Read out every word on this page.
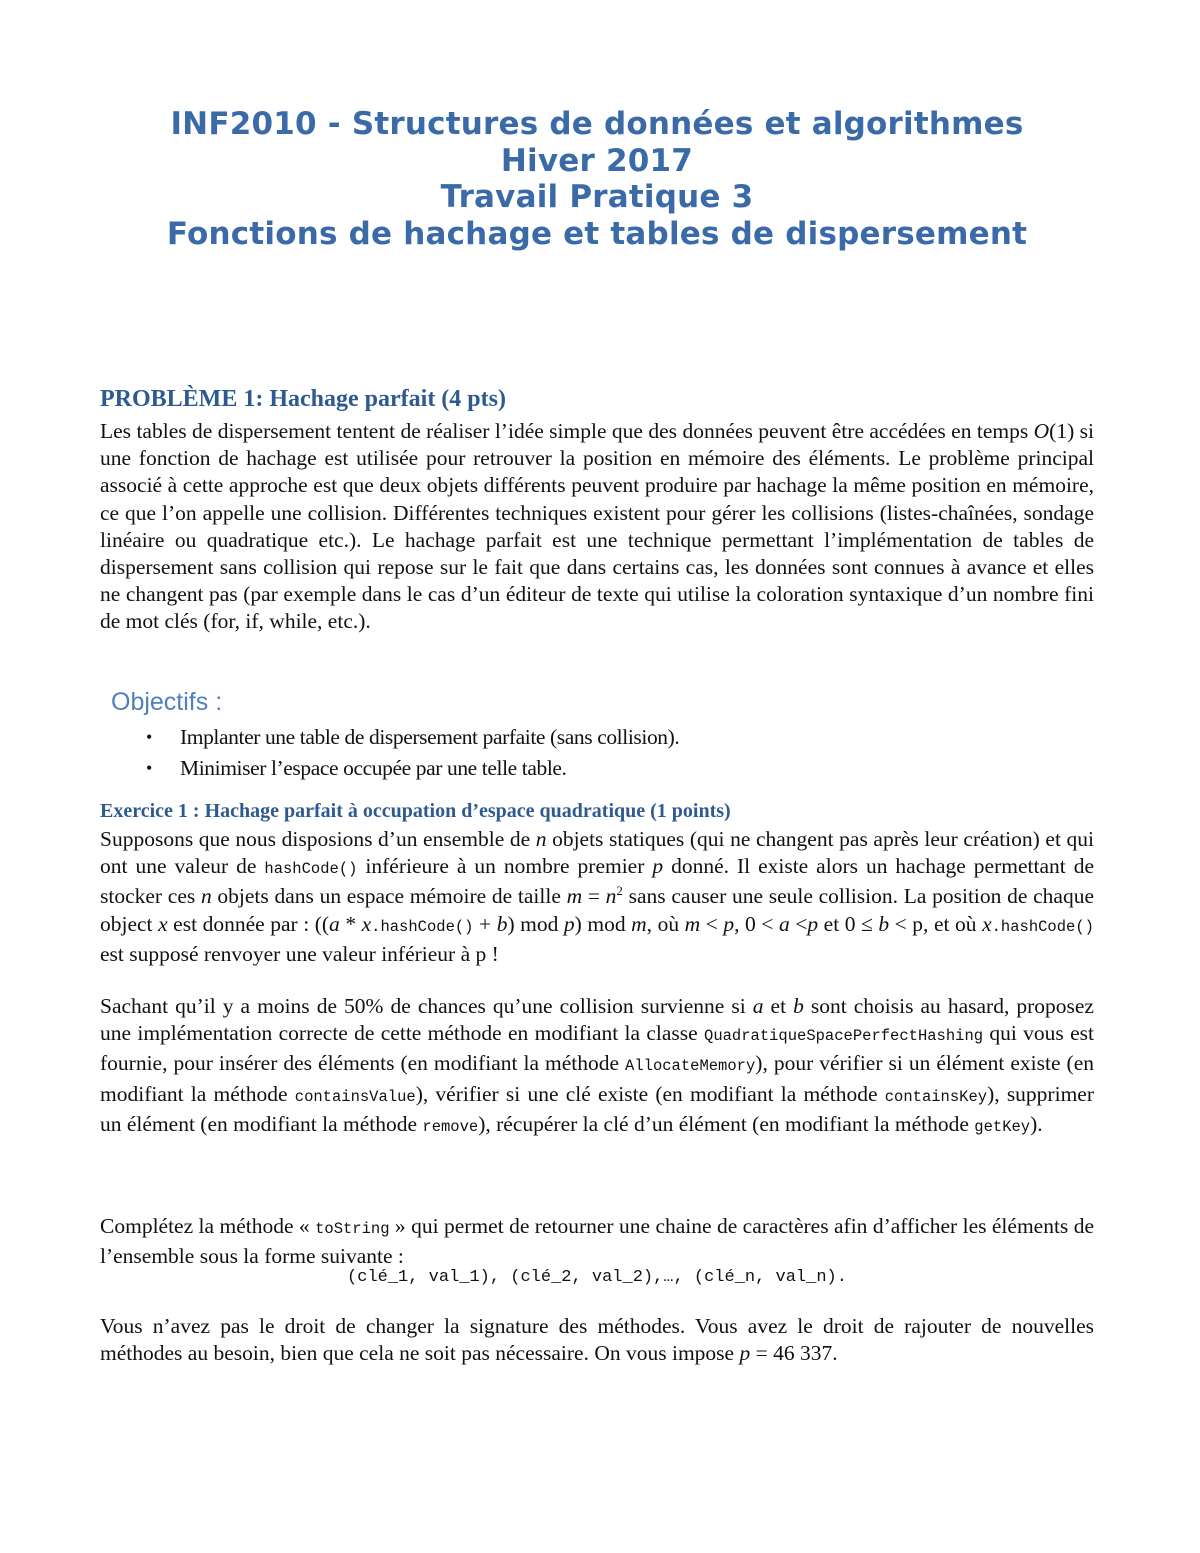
INF2010 - Structures de données et algorithmes
Hiver 2017
Travail Pratique 3
Fonctions de hachage et tables de dispersement
PROBLÈME 1: Hachage parfait (4 pts)

Les tables de dispersement tentent de réaliser l’idée simple que des données peuvent être accédées en temps O(1) si une fonction de hachage est utilisée pour retrouver la position en mémoire des éléments. Le problème principal associé à cette approche est que deux objets différents peuvent produire par hachage la même position en mémoire, ce que l’on appelle une collision. Différentes techniques existent pour gérer les collisions (listes-chaînées, sondage linéaire ou quadratique etc.). Le hachage parfait est une technique permettant l’implémentation de tables de dispersement sans collision qui repose sur le fait que dans certains cas, les données sont connues à avance et elles ne changent pas (par exemple dans le cas d’un éditeur de texte qui utilise la coloration syntaxique d’un nombre fini de mot clés (for, if, while, etc.).

Objectifs :
• Implanter une table de dispersement parfaite (sans collision).
• Minimiser l’espace occupée par une telle table.
Exercice 1 : Hachage parfait à occupation d’espace quadratique (1 points)

Supposons que nous disposions d’un ensemble de n objets statiques (qui ne changent pas après leur création) et qui ont une valeur de hashCode() inférieure à un nombre premier p donné. Il existe alors un hachage permettant de stocker ces n objets dans un espace mémoire de taille $m = n^2$ sans causer une seule collision. La position de chaque object x est donnée par : ((a * x.hashCode() + b) mod p) mod m, où m < p, 0 < a <p et 0 ≤ b < p, et où x.hashCode() est supposé renvoyer une valeur inférieur à p !

Sachant qu’il y a moins de 50% de chances qu’une collision survienne si a et b sont choisis au hasard, proposez une implémentation correcte de cette méthode en modifiant la classe QuadratiqueSpacePerfectHashing qui vous est fournie, pour insérer des éléments (en modifiant la méthode AllocateMemory), pour vérifier si un élément existe (en modifiant la méthode containsValue), vérifier si une clé existe (en modifiant la méthode containsKey), supprimer un élément (en modifiant la méthode remove), récupérer la clé d’un élément (en modifiant la méthode getKey).

Complétez la méthode « toString » qui permet de retourner une chaine de caractères afin d’afficher les éléments de l’ensemble sous la forme suivante :

(clé_1, val_1), (clé_2, val_2),…, (clé_n, val_n).

Vous n’avez pas le droit de changer la signature des méthodes. Vous avez le droit de rajouter de nouvelles méthodes au besoin, bien que cela ne soit pas nécessaire. On vous impose p = 46 337.
